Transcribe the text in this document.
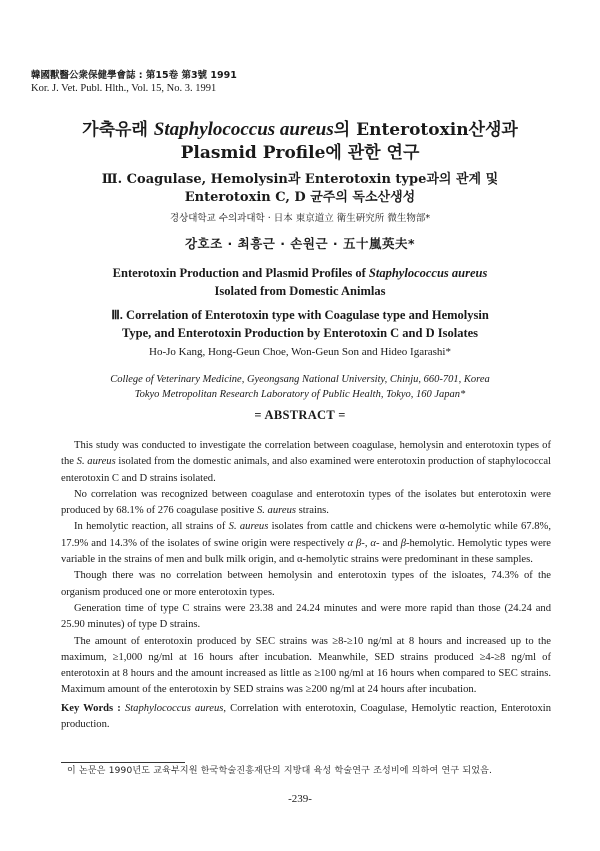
韓國獸醫公衆保健學會誌 : 第15卷 第3號 1991
Kor. J. Vet. Publ. Hlth., Vol. 15, No. 3. 1991
가축유래 Staphylococcus aureus의 Enterotoxin산생과
Plasmid Profile에 관한 연구
Ⅲ. Coagulase, Hemolysin과 Enterotoxin type과의 관계 및
Enterotoxin C, D 균주의 독소산생성
경상대학교 수의과대학 · 日本 東京道立 衛生硏究所 微生物部*
강호조 · 최흥근 · 손원근 · 五十嵐英夫*
Enterotoxin Production and Plasmid Profiles of Staphylococcus aureus
Isolated from Domestic Animlas
Ⅲ. Correlation of Enterotoxin type with Coagulase type and Hemolysin
Type, and Enterotoxin Production by Enterotoxin C and D Isolates
Ho-Jo Kang, Hong-Geun Choe, Won-Geun Son and Hideo Igarashi*
College of Veterinary Medicine, Gyeongsang National University, Chinju, 660-701, Korea
Tokyo Metropolitan Research Laboratory of Public Health, Tokyo, 160 Japan*
= ABSTRACT =

This study was conducted to investigate the correlation between coagulase, hemolysin and enterotoxin types of the S. aureus isolated from the domestic animals, and also examined were enterotoxin production of staphylococcal enterotoxin C and D strains isolated.

No correlation was recognized between coagulase and enterotoxin types of the isolates but enterotoxin were produced by 68.1% of 276 coagulase positive S. aureus strains.

In hemolytic reaction, all strains of S. aureus isolates from cattle and chickens were α-hemolytic while 67.8%, 17.9% and 14.3% of the isolates of swine origin were respectively α β-, α- and β-hemolytic. Hemolytic types were variable in the strains of men and bulk milk origin, and α-hemolytic strains were predominant in these samples.

Though there was no correlation between hemolysin and enterotoxin types of the isloates, 74.3% of the organism produced one or more enterotoxin types.

Generation time of type C strains were 23.38 and 24.24 minutes and were more rapid than those (24.24 and 25.90 minutes) of type D strains.

The amount of enterotoxin produced by SEC strains was ≥8-≥10 ng/ml at 8 hours and increased up to the maximum, ≥1,000 ng/ml at 16 hours after incubation. Meanwhile, SED strains produced ≥4-≥8 ng/ml of enterotoxin at 8 hours and the amount increased as little as ≥100 ng/ml at 16 hours when compared to SEC strains. Maximum amount of the enterotoxin by SED strains was ≥200 ng/ml at 24 hours after incubation.

Key Words : Staphylococcus aureus, Correlation with enterotoxin, Coagulase, Hemolytic reaction, Enterotoxin production.
이 논문은 1990년도 교육부지원 한국학술진흥재단의 지방대 육성 학술연구 조성비에 의하여 연구 되었음.
-239-
